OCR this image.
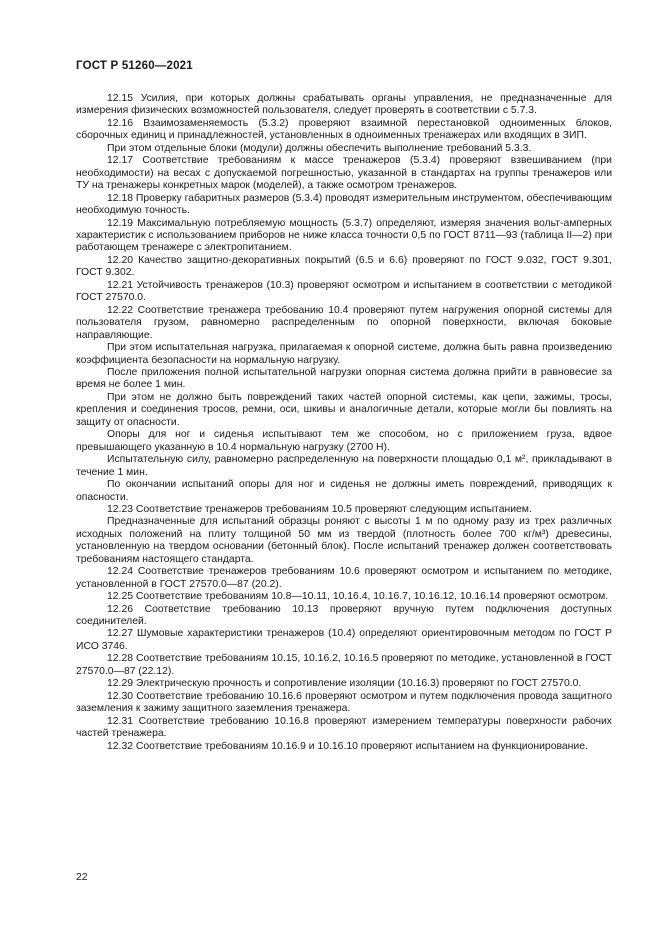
ГОСТ Р 51260—2021

12.15 Усилия, при которых должны срабатывать органы управления, не предназначенные для измерения физических возможностей пользователя, следует проверять в соответствии с 5.7.3.

12.16 Взаимозаменяемость (5.3.2) проверяют взаимной перестановкой одноименных блоков, сборочных единиц и принадлежностей, установленных в одноименных тренажерах или входящих в ЗИП.

При этом отдельные блоки (модули) должны обеспечить выполнение требований 5.3.3.

12.17 Соответствие требованиям к массе тренажеров (5.3.4) проверяют взвешиванием (при необходимости) на весах с допускаемой погрешностью, указанной в стандартах на группы тренажеров или ТУ на тренажеры конкретных марок (моделей), а также осмотром тренажеров.

12.18 Проверку габаритных размеров (5.3.4) проводят измерительным инструментом, обеспечивающим необходимую точность.

12.19 Максимальную потребляемую мощность (5.3.7) определяют, измеряя значения вольт-амперных характеристик с использованием приборов не ниже класса точности 0,5 по ГОСТ 8711—93 (таблица II—2) при работающем тренажере с электропитанием.

12.20 Качество защитно-декоративных покрытий (6.5 и 6.6) проверяют по ГОСТ 9.032, ГОСТ 9.301, ГОСТ 9.302.

12.21 Устойчивость тренажеров (10.3) проверяют осмотром и испытанием в соответствии с методикой ГОСТ 27570.0.

12.22 Соответствие тренажера требованию 10.4 проверяют путем нагружения опорной системы для пользователя грузом, равномерно распределенным по опорной поверхности, включая боковые направляющие.

При этом испытательная нагрузка, прилагаемая к опорной системе, должна быть равна произведению коэффициента безопасности на нормальную нагрузку.

После приложения полной испытательной нагрузки опорная система должна прийти в равновесие за время не более 1 мин.

При этом не должно быть повреждений таких частей опорной системы, как цепи, зажимы, тросы, крепления и соединения тросов, ремни, оси, шкивы и аналогичные детали, которые могли бы повлиять на защиту от опасности.

Опоры для ног и сиденья испытывают тем же способом, но с приложением груза, вдвое превышающего указанную в 10.4 нормальную нагрузку (2700 Н).

Испытательную силу, равномерно распределенную на поверхности площадью 0,1 м², прикладывают в течение 1 мин.

По окончании испытаний опоры для ног и сиденья не должны иметь повреждений, приводящих к опасности.

12.23 Соответствие тренажеров требованиям 10.5 проверяют следующим испытанием.

Предназначенные для испытаний образцы роняют с высоты 1 м по одному разу из трех различных исходных положений на плиту толщиной 50 мм из твердой (плотность более 700 кг/м³) древесины, установленную на твердом основании (бетонный блок). После испытаний тренажер должен соответствовать требованиям настоящего стандарта.

12.24 Соответствие тренажеров требованиям 10.6 проверяют осмотром и испытанием по методике, установленной в ГОСТ 27570.0—87 (20.2).

12.25 Соответствие требованиям 10.8—10.11, 10.16.4, 10.16.7, 10.16.12, 10.16.14 проверяют осмотром.

12.26 Соответствие требованию 10.13 проверяют вручную путем подключения доступных соединителей.

12.27 Шумовые характеристики тренажеров (10.4) определяют ориентировочным методом по ГОСТ Р ИСО 3746.

12.28 Соответствие требованиям 10.15, 10.16.2, 10.16.5 проверяют по методике, установленной в ГОСТ 27570.0—87 (22.12).

12.29 Электрическую прочность и сопротивление изоляции (10.16.3) проверяют по ГОСТ 27570.0.

12.30 Соответствие требованию 10.16.6 проверяют осмотром и путем подключения провода защитного заземления к зажиму защитного заземления тренажера.

12.31 Соответствие требованию 10.16.8 проверяют измерением температуры поверхности рабочих частей тренажера.

12.32 Соответствие требованиям 10.16.9 и 10.16.10 проверяют испытанием на функционирование.

22
